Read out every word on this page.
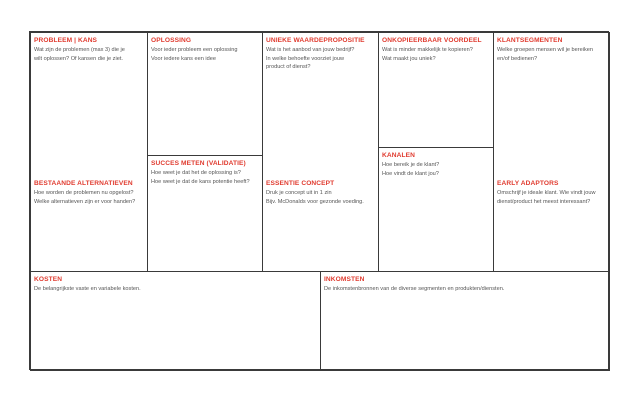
PROBLEEM | KANS
Wat zijn de problemen (max 3) die je
wilt oplossen? Of kansen die je ziet.
BESTAANDE ALTERNATIEVEN
Hoe worden de problemen nu opgelost?
Welke alternatieven zijn er voor handen?
OPLOSSING
Voor ieder probleem een oplossing
Voor iedere kans een idee
SUCCES METEN (VALIDATIE)
Hoe weet je dat het de oplossing is?
Hoe weet je dat de kans potentie heeft?
UNIEKE WAARDEPROPOSITIE
Wat is het aanbod van jouw bedrijf?
In welke behoefte voorziet jouw
product of dienst?
ESSENTIE CONCEPT
Druk je concept uit in 1 zin
Bijv. McDonalds voor gezonde voeding.
ONKOPIEERBAAR VOORDEEL
Wat is minder makkelijk te kopieren?
Wat maakt jou uniek?
KANALEN
Hoe bereik je de klant?
Hoe vindt de klant jou?
KLANTSEGMENTEN
Welke groepen mensen wil je bereiken
en/of bedienen?
EARLY ADAPTORS
Omschrijf je ideale klant. Wie vindt jouw
dienst/product het meest interessant?
KOSTEN
De belangrijkste vaste en variabele kosten.
INKOMSTEN
De inkomstenbronnen van de diverse segmenten en produkten/diensten.
